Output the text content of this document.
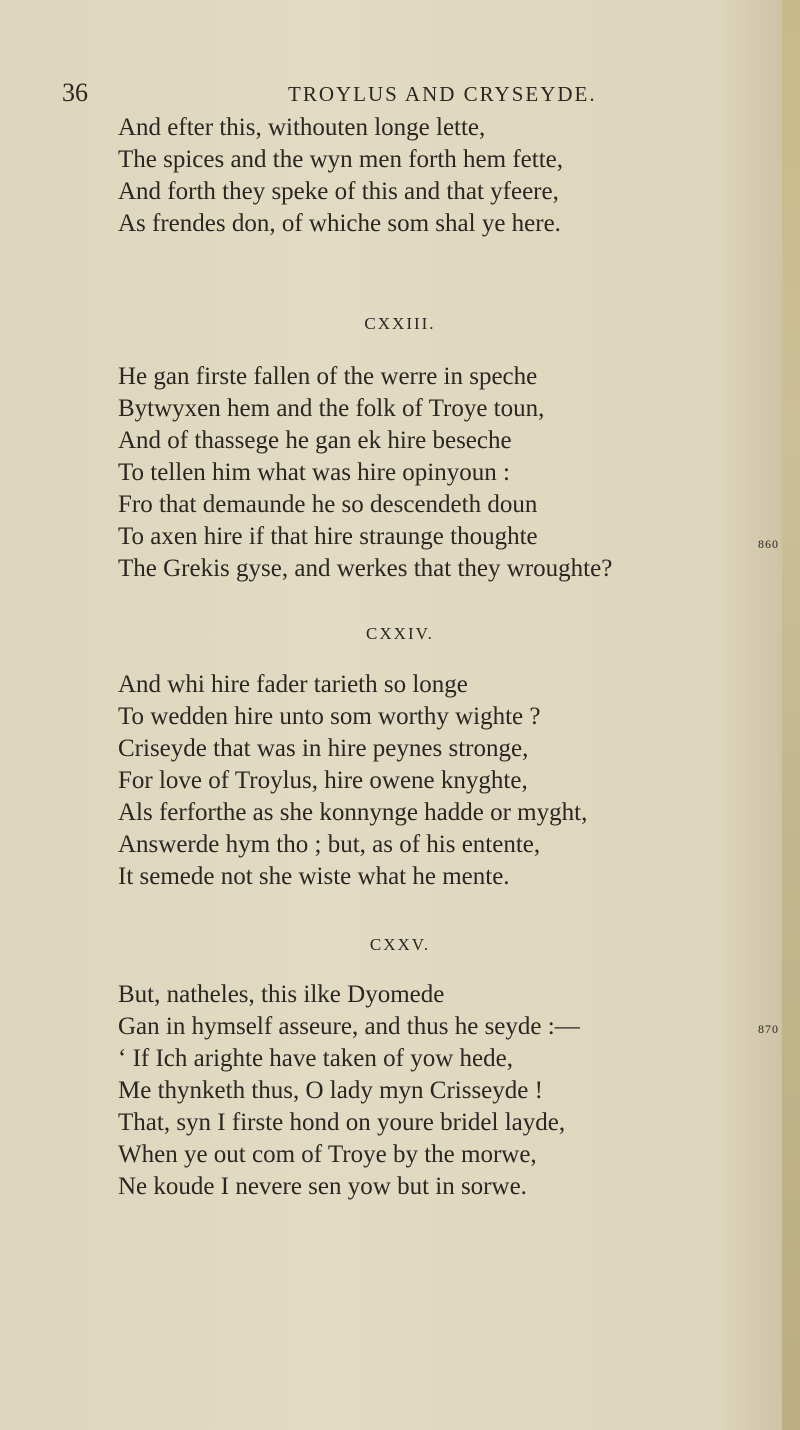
36	TROYLUS AND CRYSEYDE.
And efter this, withouten longe lette,
The spices and the wyn men forth hem fette,
And forth they speke of this and that yfeere,
As frendes don, of whiche som shal ye here.
CXXIII.
He gan firste fallen of the werre in speche
Bytwyxen hem and the folk of Troye toun,
And of thassege he gan ek hire beseche
To tellen him what was hire opinyoun :
Fro that demaunde he so descendeth doun
To axen hire if that hire straunge thoughte
The Grekis gyse, and werkes that they wroughte?
860
CXXIV.
And whi hire fader tarieth so longe
To wedden hire unto som worthy wighte ?
Criseyde that was in hire peynes stronge,
For love of Troylus, hire owene knyghte,
Als ferforthe as she konnynge hadde or myght,
Answerde hym tho ; but, as of his entente,
It semede not she wiste what he mente.
CXXV.
But, natheles, this ilke Dyomede
Gan in hymself asseure, and thus he seyde :—
‘ If Ich arighte have taken of yow hede,
Me thynketh thus, O lady myn Crisseyde !
That, syn I firste hond on youre bridel layde,
When ye out com of Troye by the morwe,
Ne koude I nevere sen yow but in sorwe.
870
